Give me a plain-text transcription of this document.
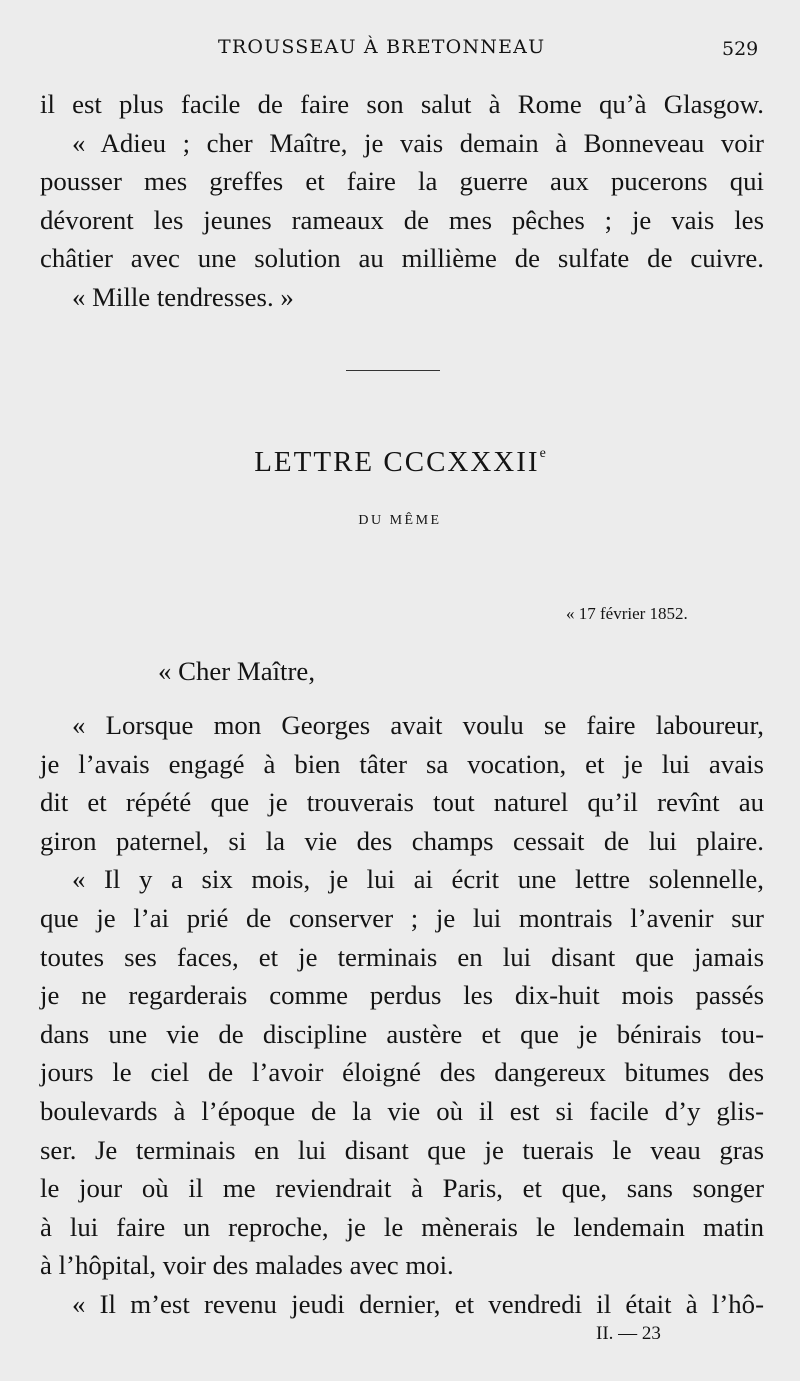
TROUSSEAU À BRETONNEAU	529
il est plus facile de faire son salut à Rome qu’à Glasgow.
« Adieu ; cher Maître, je vais demain à Bonneveau voir
pousser mes greffes et faire la guerre aux pucerons qui
dévorent les jeunes rameaux de mes pêches ; je vais les
châtier avec une solution au millième de sulfate de cuivre.
« Mille tendresses. »
LETTRE CCCXXXIIe
DU MÊME
« 17 février 1852.
« Cher Maître,
« Lorsque mon Georges avait voulu se faire laboureur,
je l’avais engagé à bien tâter sa vocation, et je lui avais
dit et répété que je trouverais tout naturel qu’il revînt au
giron paternel, si la vie des champs cessait de lui plaire.
« Il y a six mois, je lui ai écrit une lettre solennelle,
que je l’ai prié de conserver ; je lui montrais l’avenir sur
toutes ses faces, et je terminais en lui disant que jamais
je ne regarderais comme perdus les dix-huit mois passés
dans une vie de discipline austère et que je bénirais tou-
jours le ciel de l’avoir éloigné des dangereux bitumes des
boulevards à l’époque de la vie où il est si facile d’y glis-
ser. Je terminais en lui disant que je tuerais le veau gras
le jour où il me reviendrait à Paris, et que, sans songer
à lui faire un reproche, je le mènerais le lendemain matin
à l’hôpital, voir des malades avec moi.
« Il m’est revenu jeudi dernier, et vendredi il était à l’hô-
II. — 23
